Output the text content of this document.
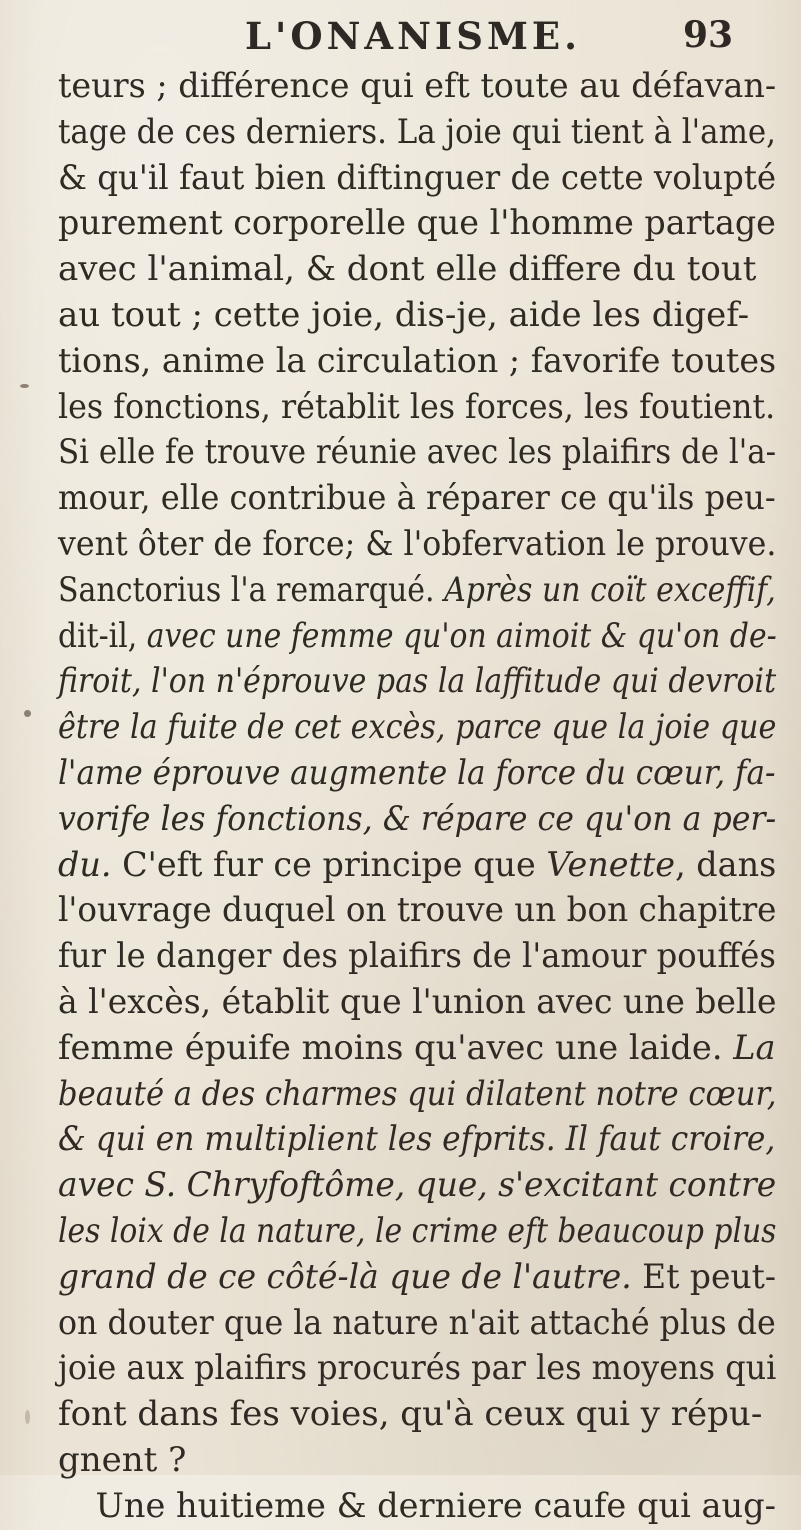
L'ONANISME.	93
teurs ; différence qui eft toute au défavan-
tage de ces derniers. La joie qui tient à l'ame,
& qu'il faut bien diftinguer de cette volupté
purement corporelle que l'homme partage
avec l'animal, & dont elle differe du tout
au tout ; cette joie, dis-je, aide les digef-
tions, anime la circulation ; favorife toutes
les fonctions, rétablit les forces, les foutient.
Si elle fe trouve réunie avec les plaifirs de l'a-
mour, elle contribue à réparer ce qu'ils peu-
vent ôter de force; & l'obfervation le prouve.
Sanctorius l'a remarqué. Après un coït exceffif,
dit-il, avec une femme qu'on aimoit & qu'on de-
firoit, l'on n'éprouve pas la laffitude qui devroit
être la fuite de cet excès, parce que la joie que
l'ame éprouve augmente la force du cœur, fa-
vorife les fonctions, & répare ce qu'on a per-
du. C'eft fur ce principe que Venette, dans
l'ouvrage duquel on trouve un bon chapitre
fur le danger des plaifirs de l'amour pouffés
à l'excès, établit que l'union avec une belle
femme épuife moins qu'avec une laide. La
beauté a des charmes qui dilatent notre cœur,
& qui en multiplient les efprits. Il faut croire,
avec S. Chryfoftôme, que, s'excitant contre
les loix de la nature, le crime eft beaucoup plus
grand de ce côté-là que de l'autre. Et peut-
on douter que la nature n'ait attaché plus de
joie aux plaifirs procurés par les moyens qui
font dans fes voies, qu'à ceux qui y répu-
gnent ?
Une huitieme & derniere caufe qui aug-
